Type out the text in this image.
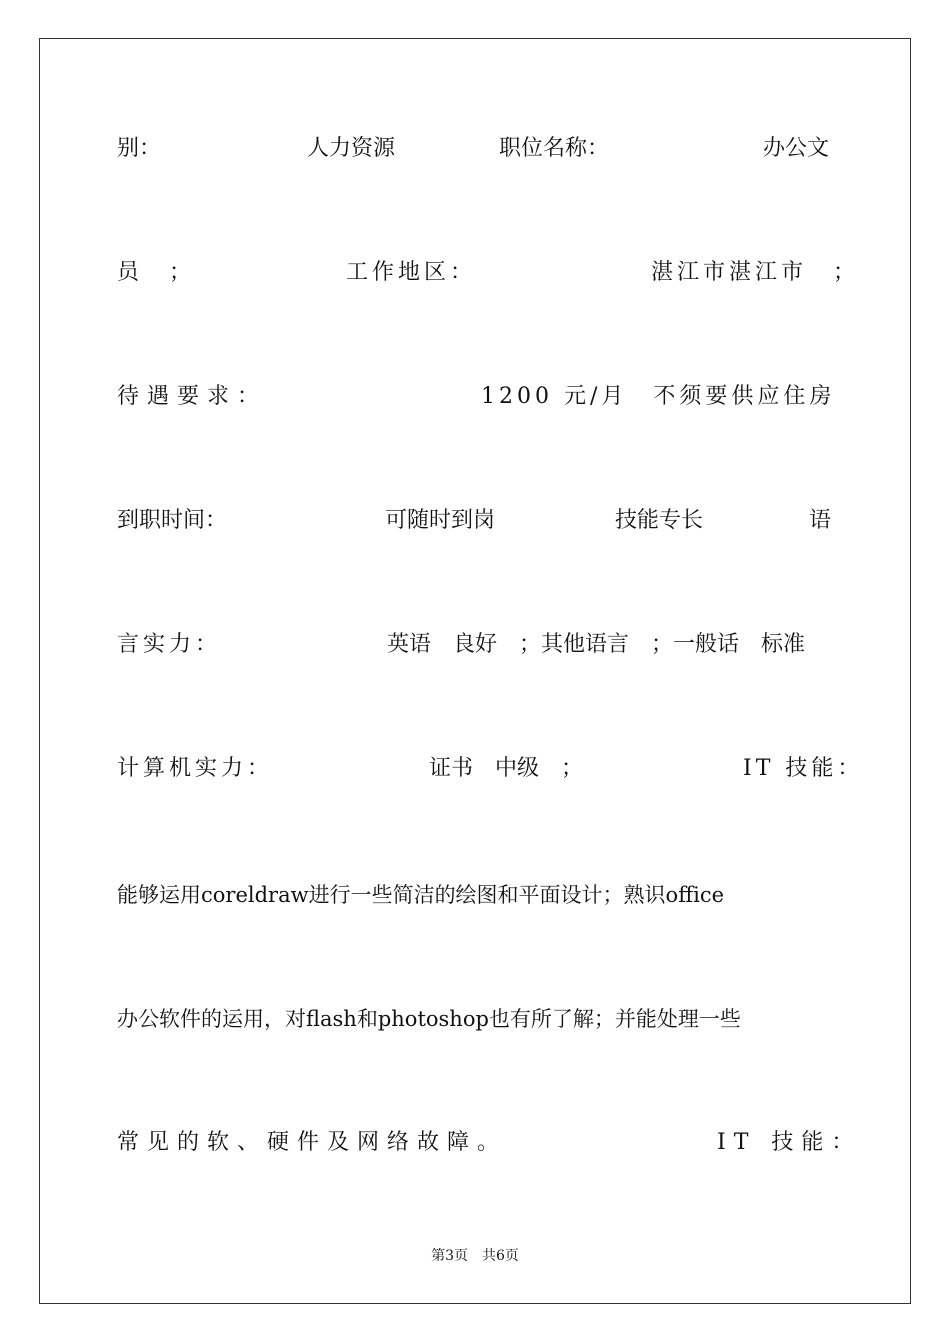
别：	人力资源	职位名称：	办公文
员　；	工作地区：	湛江市湛江市　；
待遇要求：	1200 元/月　不须要供应住房
到职时间：	可随时到岗	技能专长	语
言实力：	英语　良好　；其他语言　；一般话　标准
计算机实力：	证书　中级　；	IT 技能：
能够运用coreldraw进行一些简洁的绘图和平面设计；熟识office
办公软件的运用，对flash和photoshop也有所了解；并能处理一些
常见的软、硬件及网络故障。	IT 技能：
第3页　共6页
